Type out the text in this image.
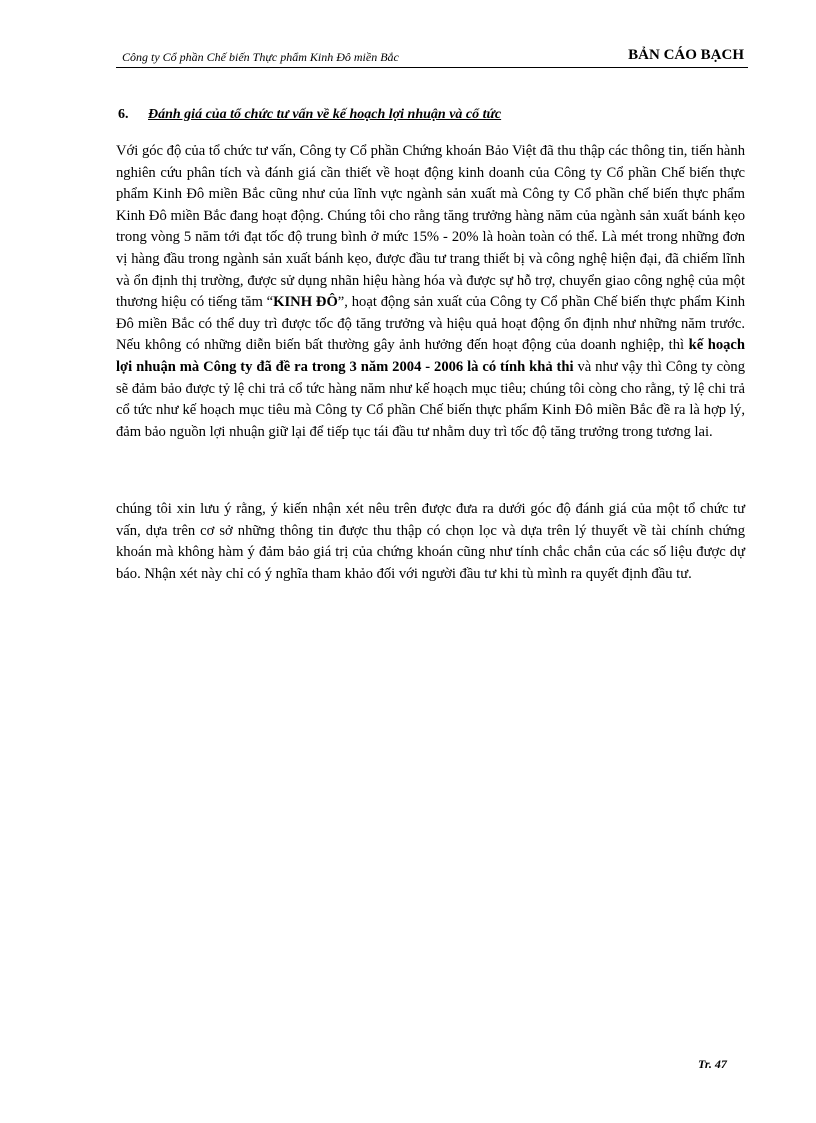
Công ty Cổ phần Chế biến Thực phẩm Kinh Đô miền Bắc	BẢN CÁO BẠCH
6.	Đánh giá của tổ chức tư vấn về kế hoạch lợi nhuận và cổ tức

Với góc độ của tổ chức tư vấn, Công ty Cổ phần Chứng khoán Bảo Việt đã thu thập các thông tin, tiến hành nghiên cứu phân tích và đánh giá cần thiết về hoạt động kinh doanh của Công ty Cổ phần Chế biến thực phẩm Kinh Đô miền Bắc cũng như của lĩnh vực ngành sản xuất mà Công ty Cổ phần chế biến thực phẩm Kinh Đô miền Bắc đang hoạt động. Chúng tôi cho rằng tăng trưởng hàng năm của ngành sản xuất bánh kẹo trong vòng 5 năm tới đạt tốc độ trung bình ở mức 15% - 20% là hoàn toàn có thể. Là mét trong những đơn vị hàng đầu trong ngành sản xuất bánh kẹo, được đầu tư trang thiết bị và công nghệ hiện đại, đã chiếm lĩnh và ổn định thị trường, được sử dụng nhãn hiệu hàng hóa và được sự hỗ trợ, chuyển giao công nghệ của một thương hiệu có tiếng tăm “KINH ĐÔ”, hoạt động sản xuất của Công ty Cổ phần Chế biến thực phẩm Kinh Đô miền Bắc có thể duy trì được tốc độ tăng trưởng và hiệu quả hoạt động ổn định như những năm trước. Nếu không có những diễn biến bất thường gây ảnh hưởng đến hoạt động của doanh nghiệp, thì kế hoạch lợi nhuận mà Công ty đã đề ra trong 3 năm 2004 - 2006 là có tính khả thi và như vậy thì Công ty còng sẽ đảm bảo được tỷ lệ chi trả cổ tức hàng năm như kế hoạch mục tiêu; chúng tôi còng cho rằng, tỷ lệ chi trả cổ tức như kế hoạch mục tiêu mà Công ty Cổ phần Chế biến thực phẩm Kinh Đô miền Bắc đề ra là hợp lý, đảm bảo nguồn lợi nhuận giữ lại để tiếp tục tái đầu tư nhằm duy trì tốc độ tăng trưởng trong tương lai.

chúng tôi xin lưu ý rằng, ý kiến nhận xét nêu trên được đưa ra dưới góc độ đánh giá của một tổ chức tư vấn, dựa trên cơ sở những thông tin được thu thập có chọn lọc và dựa trên lý thuyết về tài chính chứng khoán mà không hàm ý đảm bảo giá trị của chứng khoán cũng như tính chắc chắn của các số liệu được dự báo. Nhận xét này chỉ có ý nghĩa tham khảo đối với người đầu tư khi tù mình ra quyết định đầu tư.

Tr. 47
